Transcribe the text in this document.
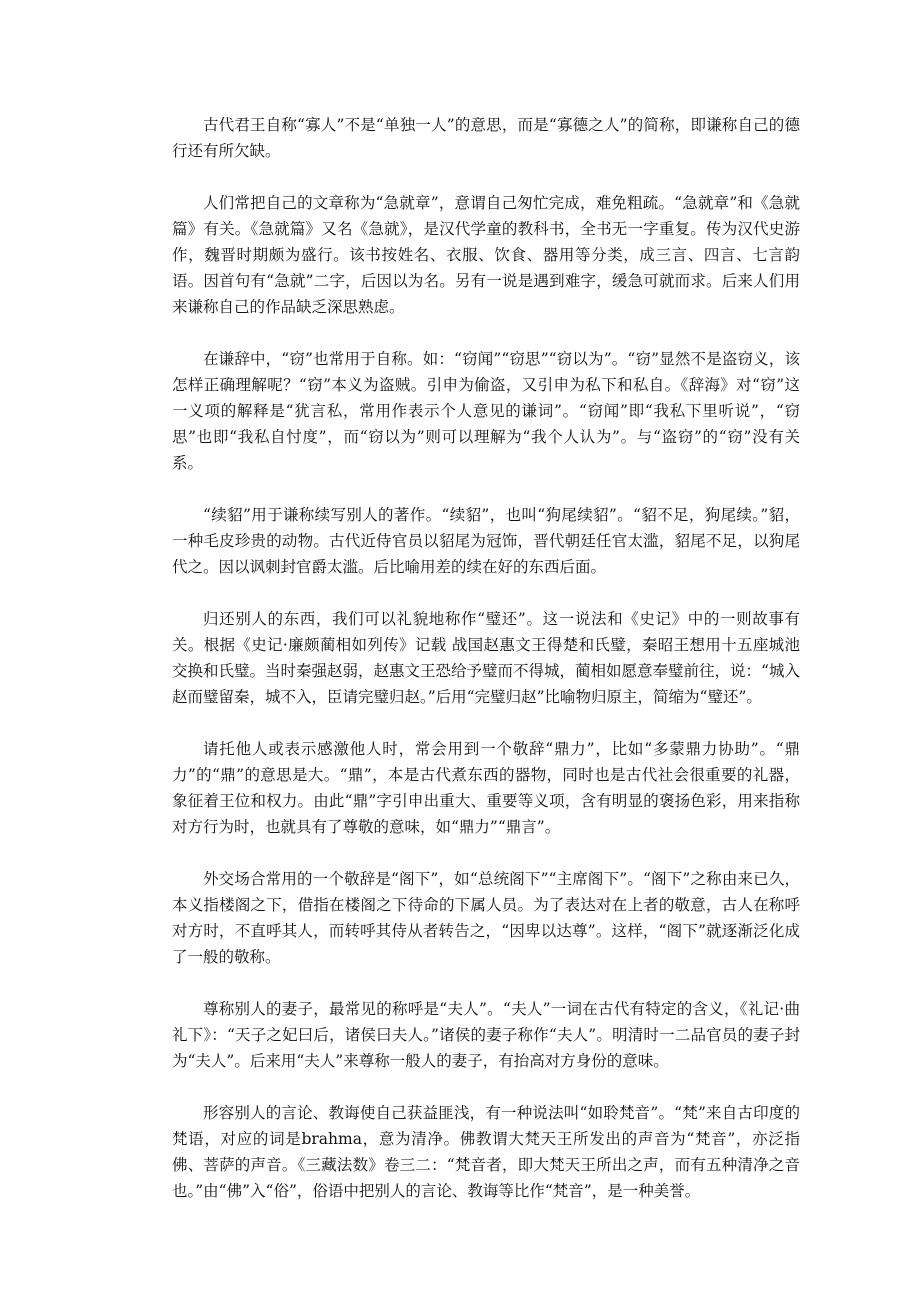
古代君王自称“寡人”不是“单独一人”的意思，而是“寡德之人”的简称，即谦称自己的德行还有所欠缺。

人们常把自己的文章称为“急就章”，意谓自己匆忙完成，难免粗疏。“急就章”和《急就篇》有关。《急就篇》又名《急就》，是汉代学童的教科书，全书无一字重复。传为汉代史游作，魏晋时期颇为盛行。该书按姓名、衣服、饮食、器用等分类，成三言、四言、七言韵语。因首句有“急就”二字，后因以为名。另有一说是遇到难字，缓急可就而求。后来人们用来谦称自己的作品缺乏深思熟虑。

在谦辞中，“窃”也常用于自称。如：“窃闻”“窃思”“窃以为”。“窃”显然不是盗窃义，该怎样正确理解呢？“窃”本义为盗贼。引申为偷盗，又引申为私下和私自。《辞海》对“窃”这一义项的解释是“犹言私，常用作表示个人意见的谦词”。“窃闻”即“我私下里听说”，“窃思”也即“我私自忖度”，而“窃以为”则可以理解为“我个人认为”。与“盗窃”的“窃”没有关系。

“续貂”用于谦称续写别人的著作。“续貂”，也叫“狗尾续貂”。“貂不足，狗尾续。”貂，一种毛皮珍贵的动物。古代近侍官员以貂尾为冠饰，晋代朝廷任官太滥，貂尾不足，以狗尾代之。因以讽刺封官爵太滥。后比喻用差的续在好的东西后面。

归还别人的东西，我们可以礼貌地称作“璧还”。这一说法和《史记》中的一则故事有关。根据《史记·廉颇蔺相如列传》记载 战国赵惠文王得楚和氏璧，秦昭王想用十五座城池交换和氏璧。当时秦强赵弱，赵惠文王恐给予璧而不得城，蔺相如愿意奉璧前往，说：“城入赵而璧留秦，城不入，臣请完璧归赵。”后用“完璧归赵”比喻物归原主，简缩为“璧还”。

请托他人或表示感激他人时，常会用到一个敬辞“鼎力”，比如“多蒙鼎力协助”。“鼎力”的“鼎”的意思是大。“鼎”，本是古代煮东西的器物，同时也是古代社会很重要的礼器，象征着王位和权力。由此“鼎”字引申出重大、重要等义项，含有明显的褒扬色彩，用来指称对方行为时，也就具有了尊敬的意味，如“鼎力”“鼎言”。

外交场合常用的一个敬辞是“阁下”，如“总统阁下”“主席阁下”。“阁下”之称由来已久，本义指楼阁之下，借指在楼阁之下待命的下属人员。为了表达对在上者的敬意，古人在称呼对方时，不直呼其人，而转呼其侍从者转告之，“因卑以达尊”。这样，“阁下”就逐渐泛化成了一般的敬称。

尊称别人的妻子，最常见的称呼是“夫人”。“夫人”一词在古代有特定的含义，《礼记·曲礼下》：“天子之妃曰后，诸侯曰夫人。”诸侯的妻子称作“夫人”。明清时一二品官员的妻子封为“夫人”。后来用“夫人”来尊称一般人的妻子，有抬高对方身份的意味。

形容别人的言论、教诲使自己获益匪浅，有一种说法叫“如聆梵音”。“梵”来自古印度的梵语，对应的词是brahma，意为清净。佛教谓大梵天王所发出的声音为“梵音”，亦泛指佛、菩萨的声音。《三藏法数》卷三二：“梵音者，即大梵天王所出之声，而有五种清净之音也。”由“佛”入“俗”，俗语中把别人的言论、教诲等比作“梵音”，是一种美誉。
